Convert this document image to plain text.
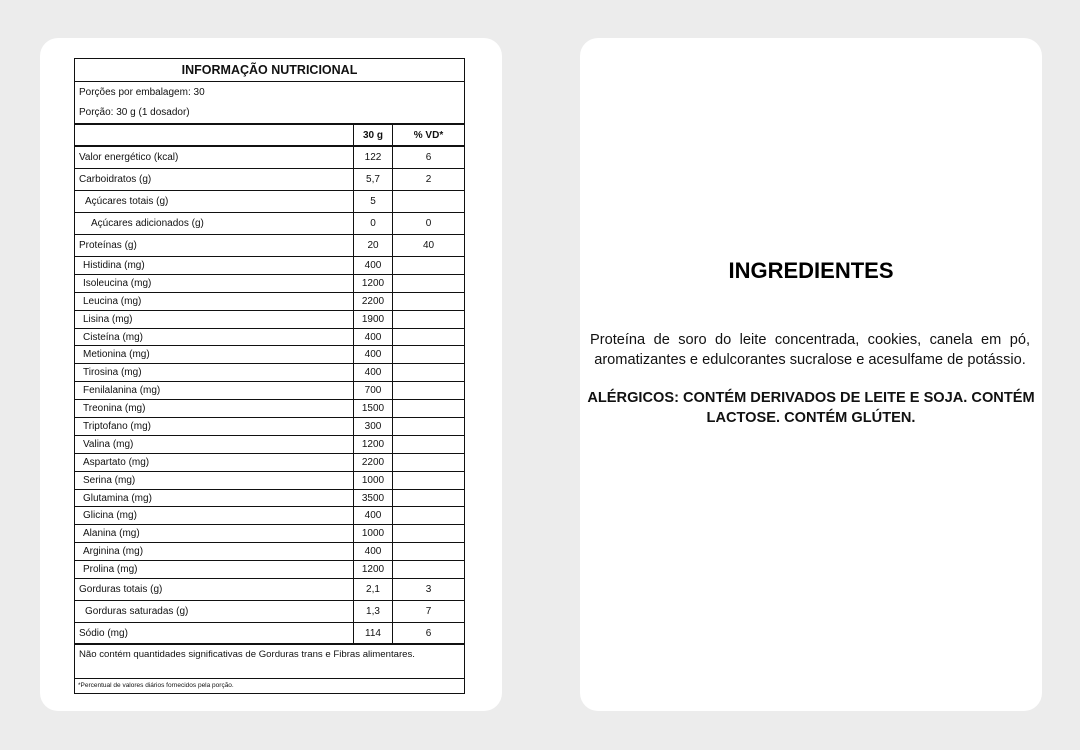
INFORMAÇÃO NUTRICIONAL
Porções por embalagem: 30
Porção: 30 g (1 dosador)
30 g	% VD*
Valor energético (kcal)	122	6
Carboidratos (g)	5,7	2
Açúcares totais (g)	5
Açúcares adicionados (g)	0	0
Proteínas (g)	20	40
Histidina (mg)	400
Isoleucina (mg)	1200
Leucina (mg)	2200
Lisina (mg)	1900
Cisteína (mg)	400
Metionina (mg)	400
Tirosina (mg)	400
Fenilalanina (mg)	700
Treonina (mg)	1500
Triptofano (mg)	300
Valina (mg)	1200
Aspartato (mg)	2200
Serina (mg)	1000
Glutamina (mg)	3500
Glicina (mg)	400
Alanina (mg)	1000
Arginina (mg)	400
Prolina (mg)	1200
Gorduras totais (g)	2,1	3
Gorduras saturadas (g)	1,3	7
Sódio (mg)	114	6
Não contém quantidades significativas de Gorduras trans e Fibras alimentares.
*Percentual de valores diários fornecidos pela porção.
INGREDIENTES
Proteína de soro do leite concentrada, cookies, canela em pó, aromatizantes e edulcorantes sucralose e acesulfame de potássio.
ALÉRGICOS: CONTÉM DERIVADOS DE LEITE E SOJA. CONTÉM LACTOSE. CONTÉM GLÚTEN.
